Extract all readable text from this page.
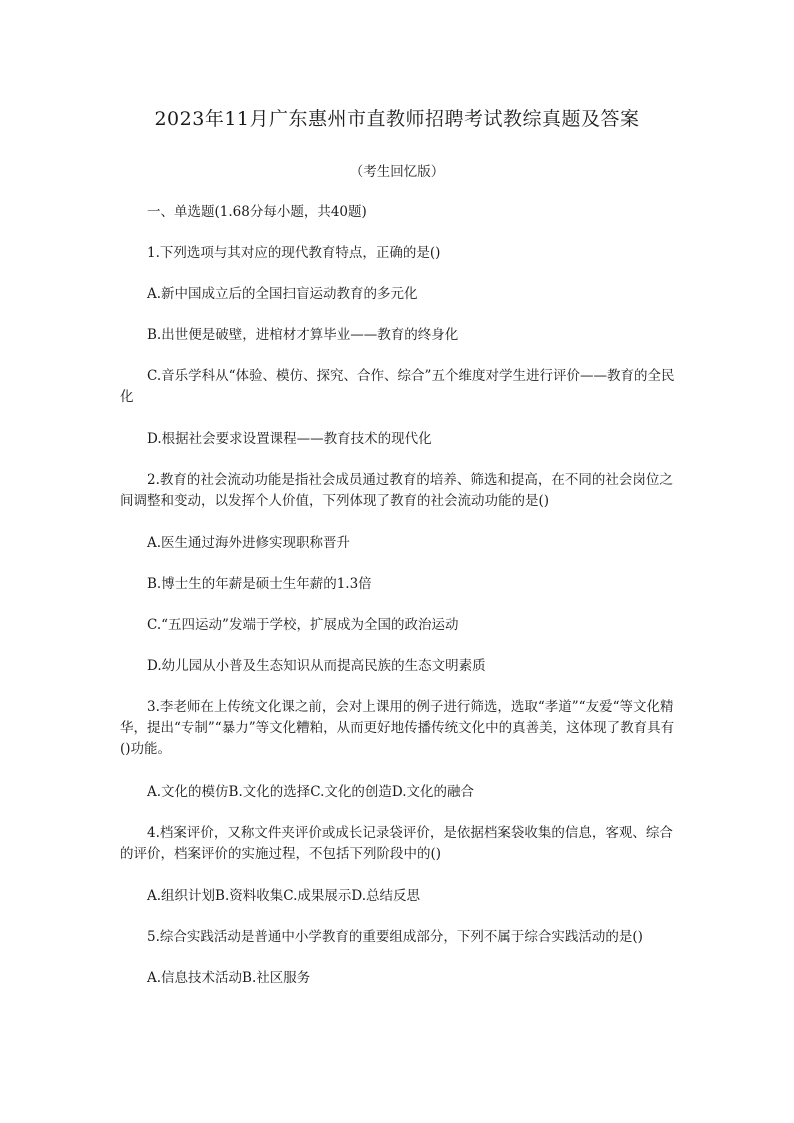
2023年11月广东惠州市直教师招聘考试教综真题及答案
（考生回忆版）
一、单选题(1.68分每小题，共40题)
1.下列选项与其对应的现代教育特点，正确的是()
A.新中国成立后的全国扫盲运动教育的多元化
B.出世便是破壁，进棺材才算毕业——教育的终身化
C.音乐学科从“体验、模仿、探究、合作、综合”五个维度对学生进行评价——教育的全民化
D.根据社会要求设置课程——教育技术的现代化
2.教育的社会流动功能是指社会成员通过教育的培养、筛选和提高，在不同的社会岗位之间调整和变动，以发挥个人价值，下列体现了教育的社会流动功能的是()
A.医生通过海外进修实现职称晋升
B.博士生的年薪是硕士生年薪的1.3倍
C.“五四运动”发端于学校，扩展成为全国的政治运动
D.幼儿园从小普及生态知识从而提高民族的生态文明素质
3.李老师在上传统文化课之前，会对上课用的例子进行筛选，选取“孝道”“友爱“等文化精华，提出“专制”“暴力”等文化糟粕，从而更好地传播传统文化中的真善美，这体现了教育具有()功能。
A.文化的模仿B.文化的选择C.文化的创造D.文化的融合
4.档案评价，又称文件夹评价或成长记录袋评价，是依据档案袋收集的信息，客观、综合的评价，档案评价的实施过程，不包括下列阶段中的()
A.组织计划B.资料收集C.成果展示D.总结反思
5.综合实践活动是普通中小学教育的重要组成部分，下列不属于综合实践活动的是()
A.信息技术活动B.社区服务
